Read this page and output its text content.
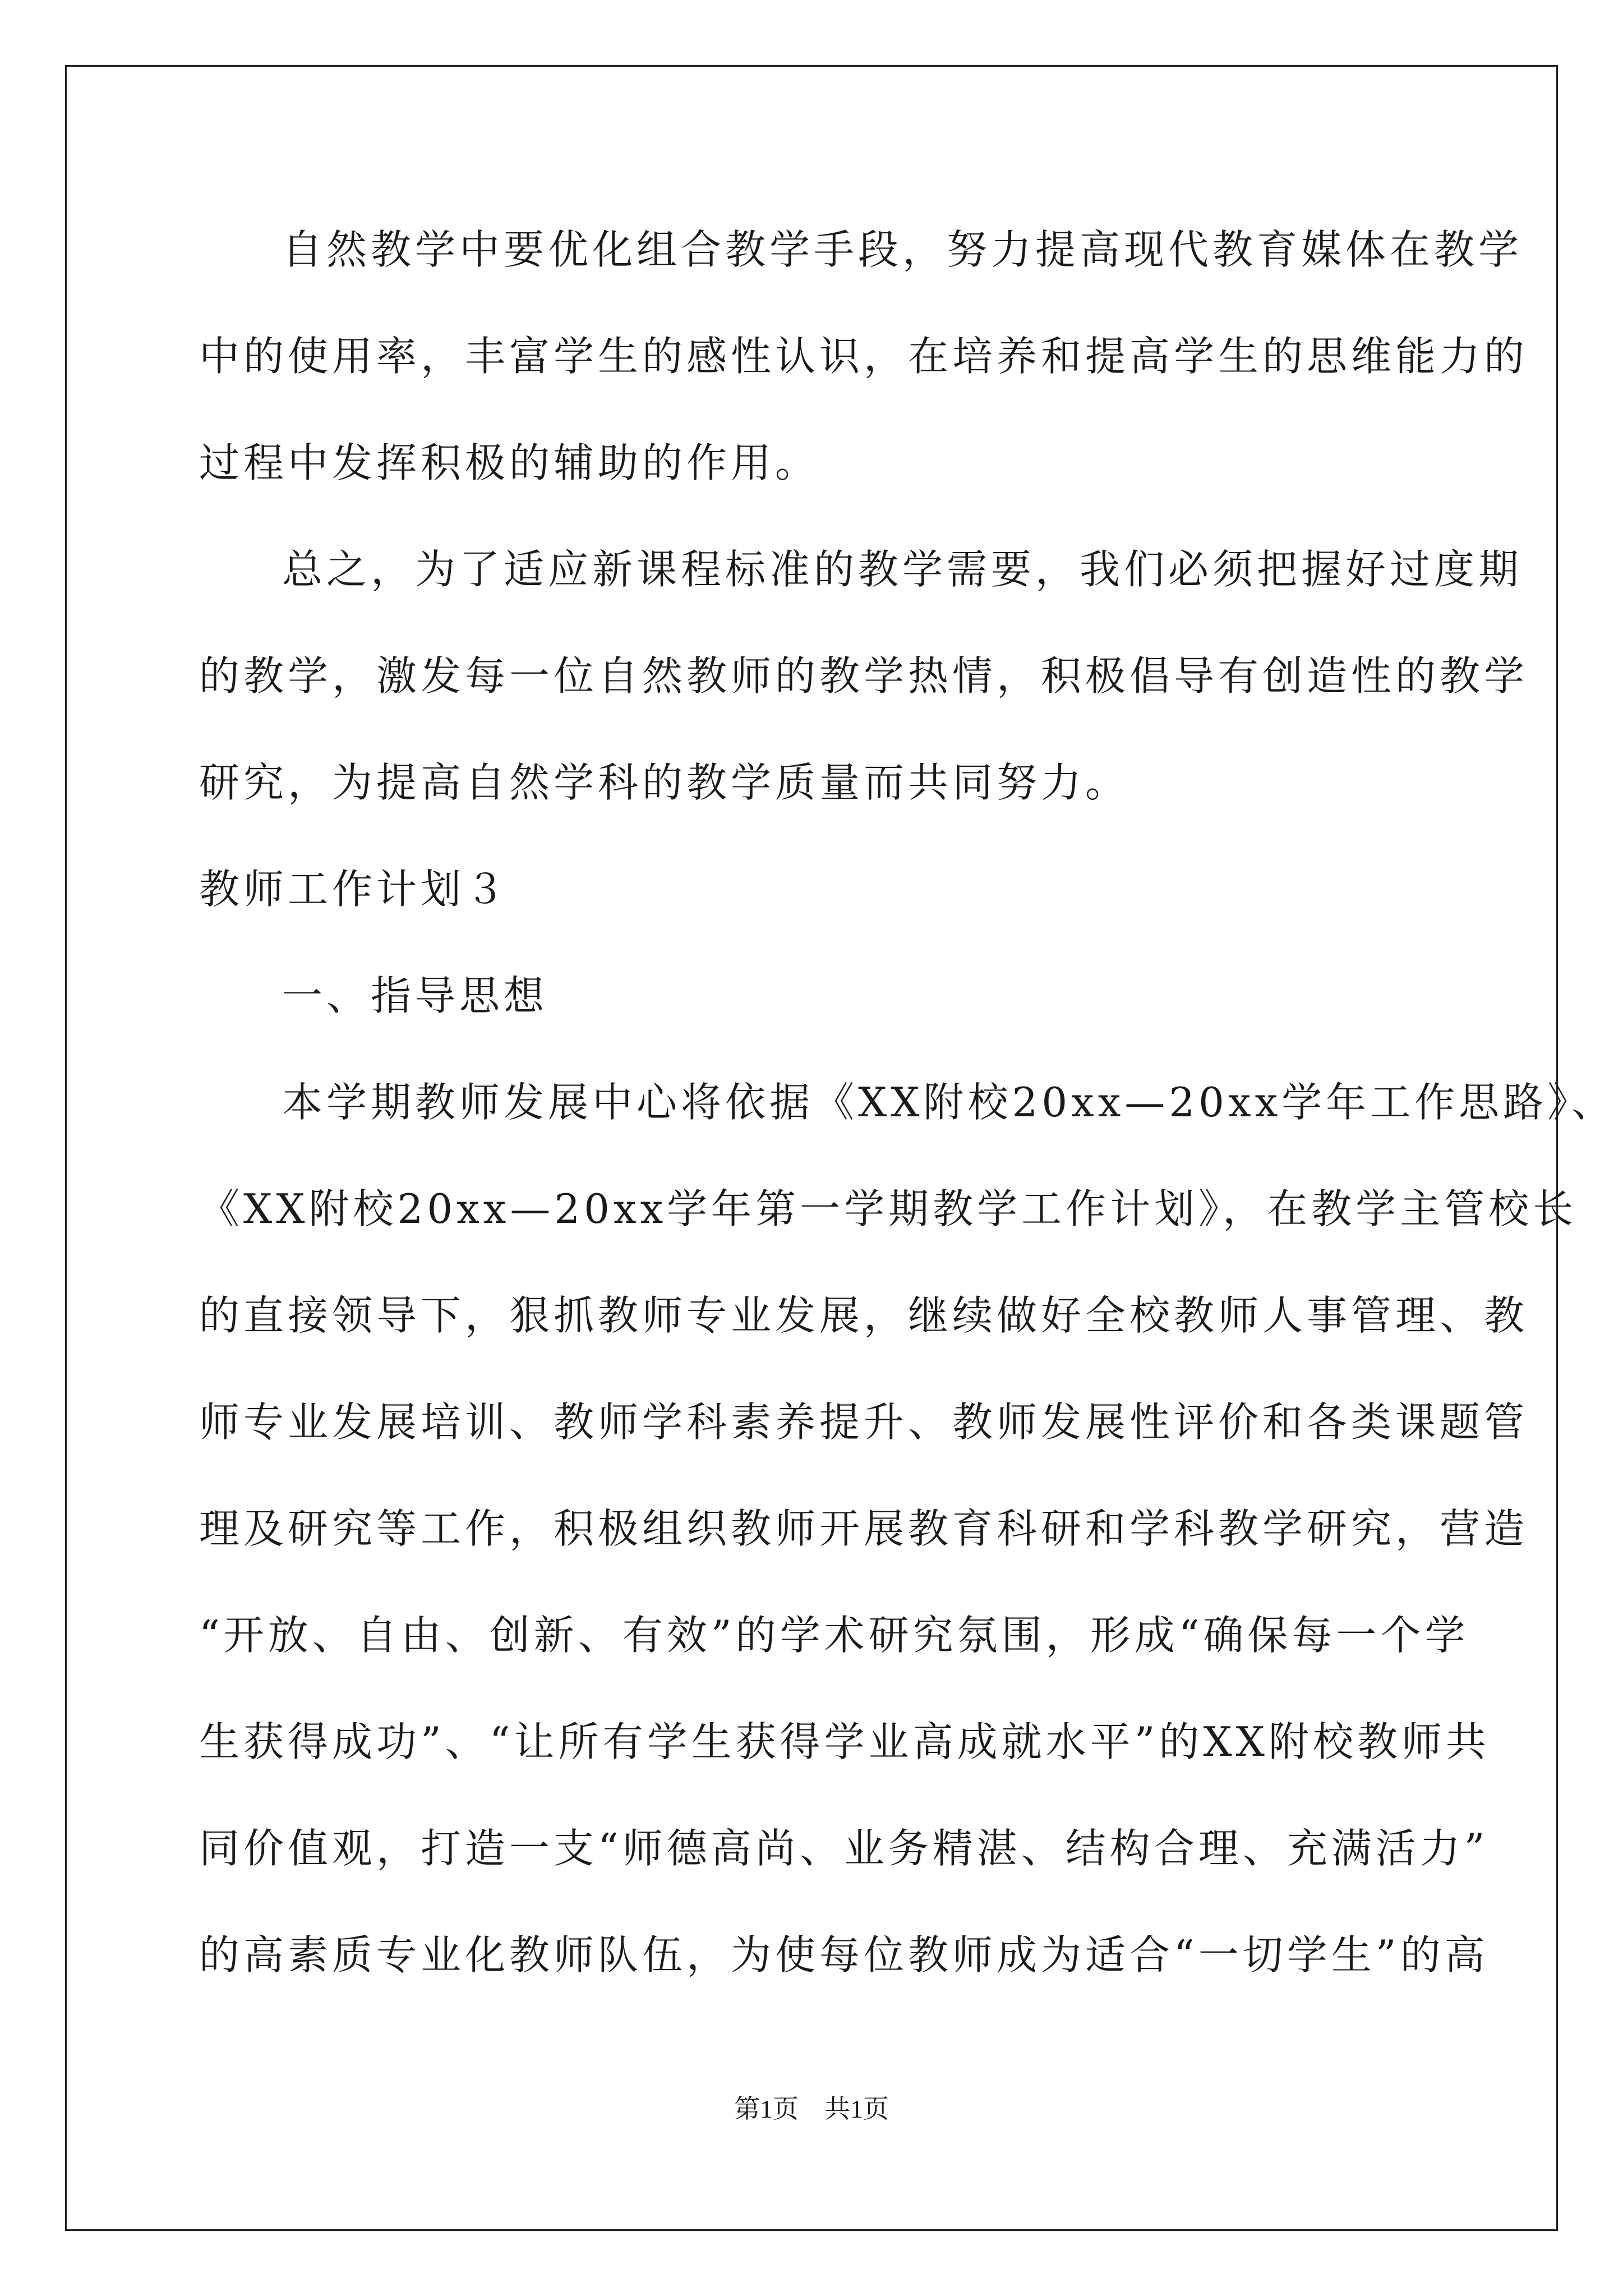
自然教学中要优化组合教学手段，努力提高现代教育媒体在教学
中的使用率，丰富学生的感性认识，在培养和提高学生的思维能力的
过程中发挥积极的辅助的作用。
总之，为了适应新课程标准的教学需要，我们必须把握好过度期
的教学，激发每一位自然教师的教学热情，积极倡导有创造性的教学
研究，为提高自然学科的教学质量而共同努力。
教师工作计划３
一、指导思想
本学期教师发展中心将依据《XX附校20xx—20xx学年工作思路》、
《XX附校20xx—20xx学年第一学期教学工作计划》，在教学主管校长
的直接领导下，狠抓教师专业发展，继续做好全校教师人事管理、教
师专业发展培训、教师学科素养提升、教师发展性评价和各类课题管
理及研究等工作，积极组织教师开展教育科研和学科教学研究，营造
“开放、自由、创新、有效”的学术研究氛围，形成“确保每一个学
生获得成功”、“让所有学生获得学业高成就水平”的XX附校教师共
同价值观，打造一支“师德高尚、业务精湛、结构合理、充满活力”
的高素质专业化教师队伍，为使每位教师成为适合“一切学生”的高
第1页　共1页
